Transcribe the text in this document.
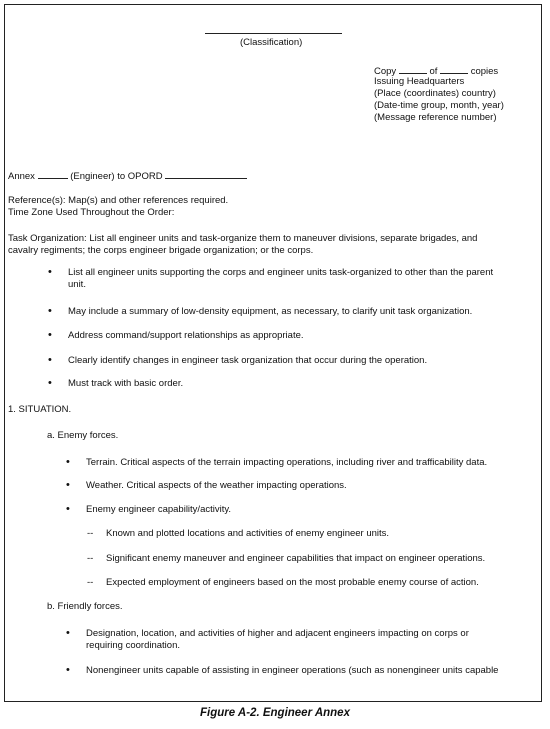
(Classification)
Copy	of	copies
Issuing Headquarters
(Place (coordinates) country)
(Date-time group, month, year)
(Message reference number)
Annex	(Engineer) to OPORD
Reference(s): Map(s) and other references required.
Time Zone Used Throughout the Order:
Task Organization: List all engineer units and task-organize them to maneuver divisions, separate brigades, and
cavalry regiments; the corps engineer brigade organization; or the corps.
• List all engineer units supporting the corps and engineer units task-organized to other than the parent
unit.
• May include a summary of low-density equipment, as necessary, to clarify unit task organization.
• Address command/support relationships as appropriate.
• Clearly identify changes in engineer task organization that occur during the operation.
• Must track with basic order.
1. SITUATION.
a. Enemy forces.
• Terrain. Critical aspects of the terrain impacting operations, including river and trafficability data.
• Weather. Critical aspects of the weather impacting operations.
• Enemy engineer capability/activity.
-- Known and plotted locations and activities of enemy engineer units.
-- Significant enemy maneuver and engineer capabilities that impact on engineer operations.
-- Expected employment of engineers based on the most probable enemy course of action.
b. Friendly forces.
• Designation, location, and activities of higher and adjacent engineers impacting on corps or
requiring coordination.
• Nonengineer units capable of assisting in engineer operations (such as nonengineer units capable
Figure A-2. Engineer Annex
